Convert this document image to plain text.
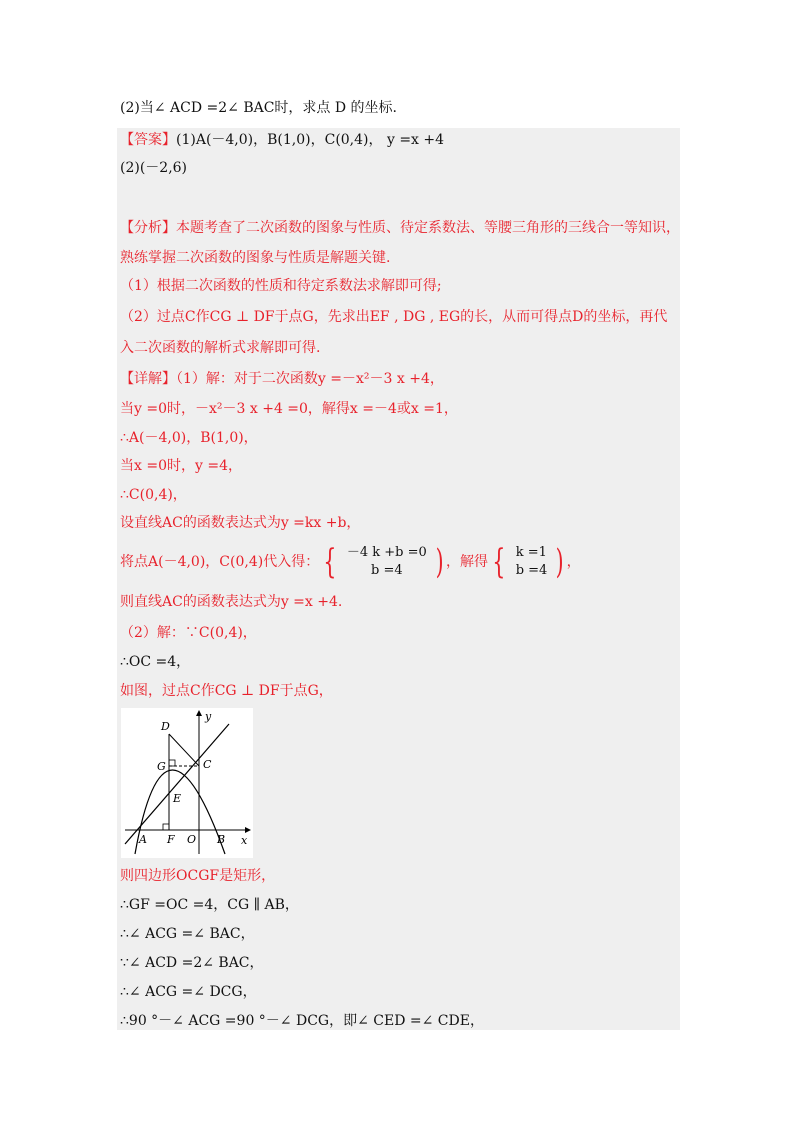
(2)当∠ ACD =2∠ BAC时，求点 D 的坐标.
【答案】(1)A(－4,0)，B(1,0)，C(0,4)， y =x +4
(2)(－2,6)
【分析】本题考查了二次函数的图象与性质、待定系数法、等腰三角形的三线合一等知识，
熟练掌握二次函数的图象与性质是解题关键.
（1）根据二次函数的性质和待定系数法求解即可得;
（2）过点C作CG ⊥ DF于点G，先求出EF , DG , EG的长，从而可得点D的坐标，再代
入二次函数的解析式求解即可得.
【详解】（1）解：对于二次函数y =－x²－3 x +4，
当y =0时，－x²－3 x +4 =0，解得x =－4或x =1，
∴A(－4,0)，B(1,0)，
当x =0时，y =4，
∴C(0,4)，
设直线AC的函数表达式为y =kx +b，
将点A(－4,0)，C(0,4)代入得： { －4 k +b =0
b =4 ) ，解得 { k =1
b =4 ) ，
则直线AC的函数表达式为y =x +4.
（2）解：∵C(0,4)，
∴OC =4，
如图，过点C作CG ⊥ DF于点G，
y
x
D
G	C
E
A F O B
则四边形OCGF是矩形，
∴GF =OC =4，CG ∥ AB，
∴∠ ACG =∠ BAC，
∵∠ ACD =2∠ BAC，
∴∠ ACG =∠ DCG，
∴90 °－∠ ACG =90 °－∠ DCG，即∠ CED =∠ CDE，
